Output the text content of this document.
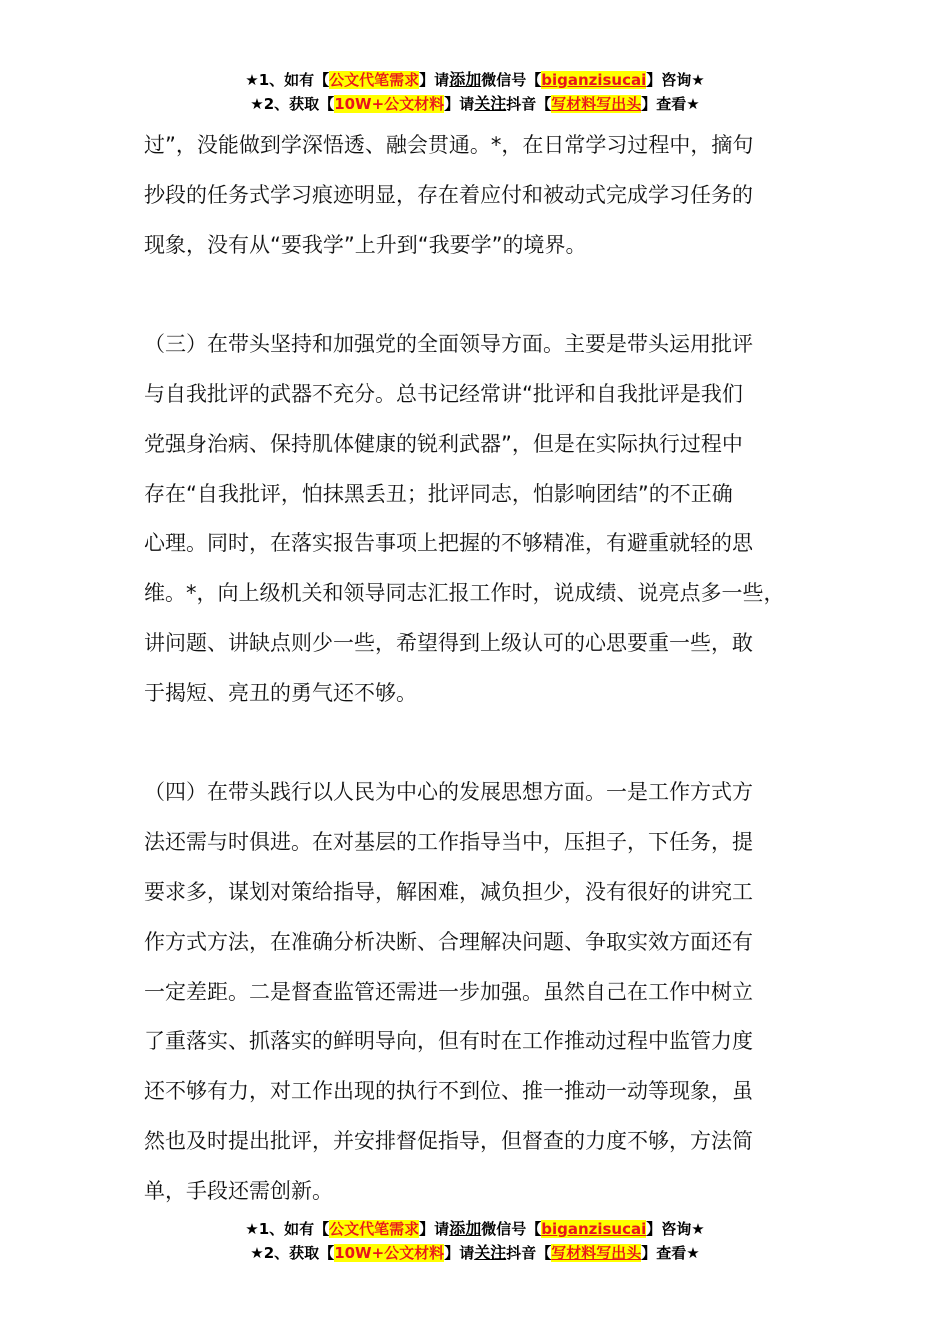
★1、如有【公文代笔需求】请添加微信号【biganzisucai】咨询★
★2、获取【10W+公文材料】请关注抖音【写材料写出头】查看★
过”，没能做到学深悟透、融会贯通。*，在日常学习过程中，摘句
抄段的任务式学习痕迹明显，存在着应付和被动式完成学习任务的
现象，没有从“要我学”上升到“我要学”的境界。
（三）在带头坚持和加强党的全面领导方面。主要是带头运用批评
与自我批评的武器不充分。总书记经常讲“批评和自我批评是我们
党强身治病、保持肌体健康的锐利武器”，但是在实际执行过程中
存在“自我批评，怕抹黑丢丑；批评同志，怕影响团结”的不正确
心理。同时，在落实报告事项上把握的不够精准，有避重就轻的思
维。*，向上级机关和领导同志汇报工作时，说成绩、说亮点多一些，
讲问题、讲缺点则少一些，希望得到上级认可的心思要重一些，敢
于揭短、亮丑的勇气还不够。
（四）在带头践行以人民为中心的发展思想方面。一是工作方式方
法还需与时俱进。在对基层的工作指导当中，压担子，下任务，提
要求多，谋划对策给指导，解困难，减负担少，没有很好的讲究工
作方式方法，在准确分析决断、合理解决问题、争取实效方面还有
一定差距。二是督查监管还需进一步加强。虽然自己在工作中树立
了重落实、抓落实的鲜明导向，但有时在工作推动过程中监管力度
还不够有力，对工作出现的执行不到位、推一推动一动等现象，虽
然也及时提出批评，并安排督促指导，但督查的力度不够，方法简
单，手段还需创新。
★1、如有【公文代笔需求】请添加微信号【biganzisucai】咨询★
★2、获取【10W+公文材料】请关注抖音【写材料写出头】查看★
